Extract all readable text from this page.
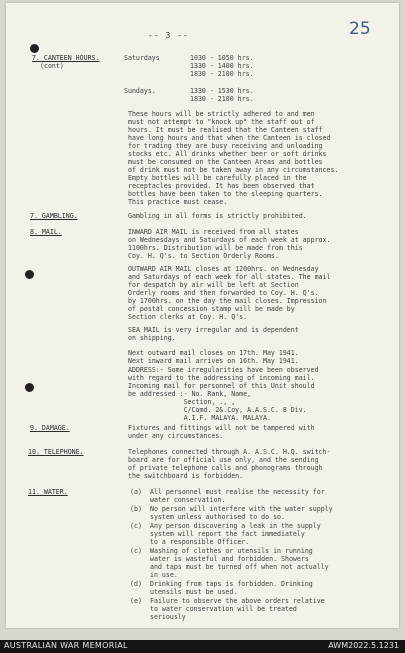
25
-- 3 --
7. CANTEEN HOURS.
(cont)
Saturdays	1030 - 1050 hrs.
1330 - 1400 hrs.
1830 - 2100 hrs.
Sundays.	1330 - 1530 hrs.
1830 - 2100 hrs.
These hours will be strictly adhered to and men
must not attempt to "knock up" the staff out of
hours. It must be realised that the Canteen staff
have long hours and that when the Canteen is closed
for trading they are busy receiving and unloading
stocks etc. All drinks whether beer or soft drinks
must be consumed on the Canteen Areas and bottles
of drink must not be taken away in any circumstances.
Empty bottles will be carefully placed in the
receptacles provided. It has been observed that
bottles have been taken to the sleeping quarters.
This practice must cease.
7. GAMBLING.	Gambling in all forms is strictly prohibited.
8. MAIL.	INWARD AIR MAIL is received from all states
on Wednesdays and Saturdays of each week at approx.
1100hrs. Distribution will be made from this
Coy. H. Q's. to Section Orderly Rooms.
OUTWARD AIR MAIL closes at 1200hrs. on Wednesday
and Saturdays of each week for all states. The mail
for despatch by air will be left at Section
Orderly rooms and then forwarded to Coy. H. Q's.
by 1700hrs. on the day the mail closes. Impression
of postal concession stamp will be made by
Section clerks at Coy. H. Q's.
SEA MAIL is very irregular and is dependent
on shipping.
Next outward mail closes on 17th. May 1941.
Next inward mail arrives on 16th. May 1941.
ADDRESS:- Some irregularities have been observed
with regard to the addressing of incoming mail.
Incoming mail for personnel of this Unit should
be addressed :- No. Rank, Name,
Section, ., ,
C/Comd. 2&.Coy, A.A.S.C. 8 Div.
A.I.F. MALAYA. MALAYA.
9. DAMAGE.	Fixtures and fittings will not be tampered with
under any circumstances.
10. TELEPHONE.	Telephones connected through A. A.S.C. H.Q. switch-
board are for official use only, and the sending
of private telephone calls and phonograms through
the switchboard is forbidden.
11. WATER.	(a) All personnel must realise the necessity for
water conservation.
(b) No person will interfere with the water supply
system unless authorised to do so.
(c) Any person discovering a leak in the supply
system will report the fact immediately
to a responsible Officer.
(c) Washing of clothes or utensils in running
water is wasteful and forbidden. Showers
and taps must be turned off when not actually
in use.
(d) Drinking from taps is forbidden. Drinking
utensils must be used.
(e) Failure to observe the above orders relative
to water conservation will be treated
seriously
AUSTRALIAN WAR MEMORIAL	AWM2022.5.1231
